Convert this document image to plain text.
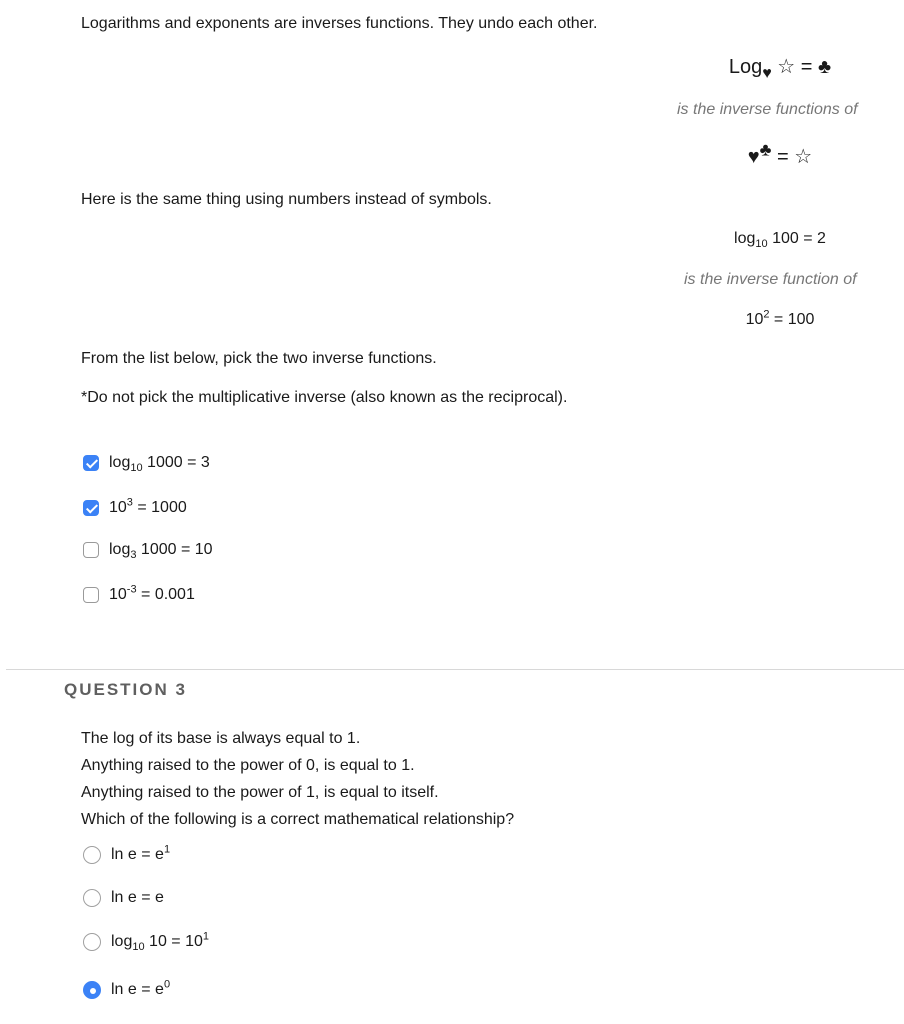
Logarithms and exponents are inverses functions. They undo each other.
Log$_♥$ ☆ = ♣
is the inverse functions of
♥♣ = ☆
Here is the same thing using numbers instead of symbols.
$\log_{10} 100 = 2$
is the inverse function of
$10^2 = 100$
From the list below, pick the two inverse functions.
*Do not pick the multiplicative inverse (also known as the reciprocal).
$\log_{10} 1000 = 3$
$10^3 = 1000$
$\log_3 1000 = 10$
$10^{-3} = 0.001$
QUESTION 3
The log of its base is always equal to 1.
Anything raised to the power of 0, is equal to 1.
Anything raised to the power of 1, is equal to itself.
Which of the following is a correct mathematical relationship?
$\ln e = e^1$
ln e = e
$\log_{10} 10 = 10^1$
$\ln e = e^0$
